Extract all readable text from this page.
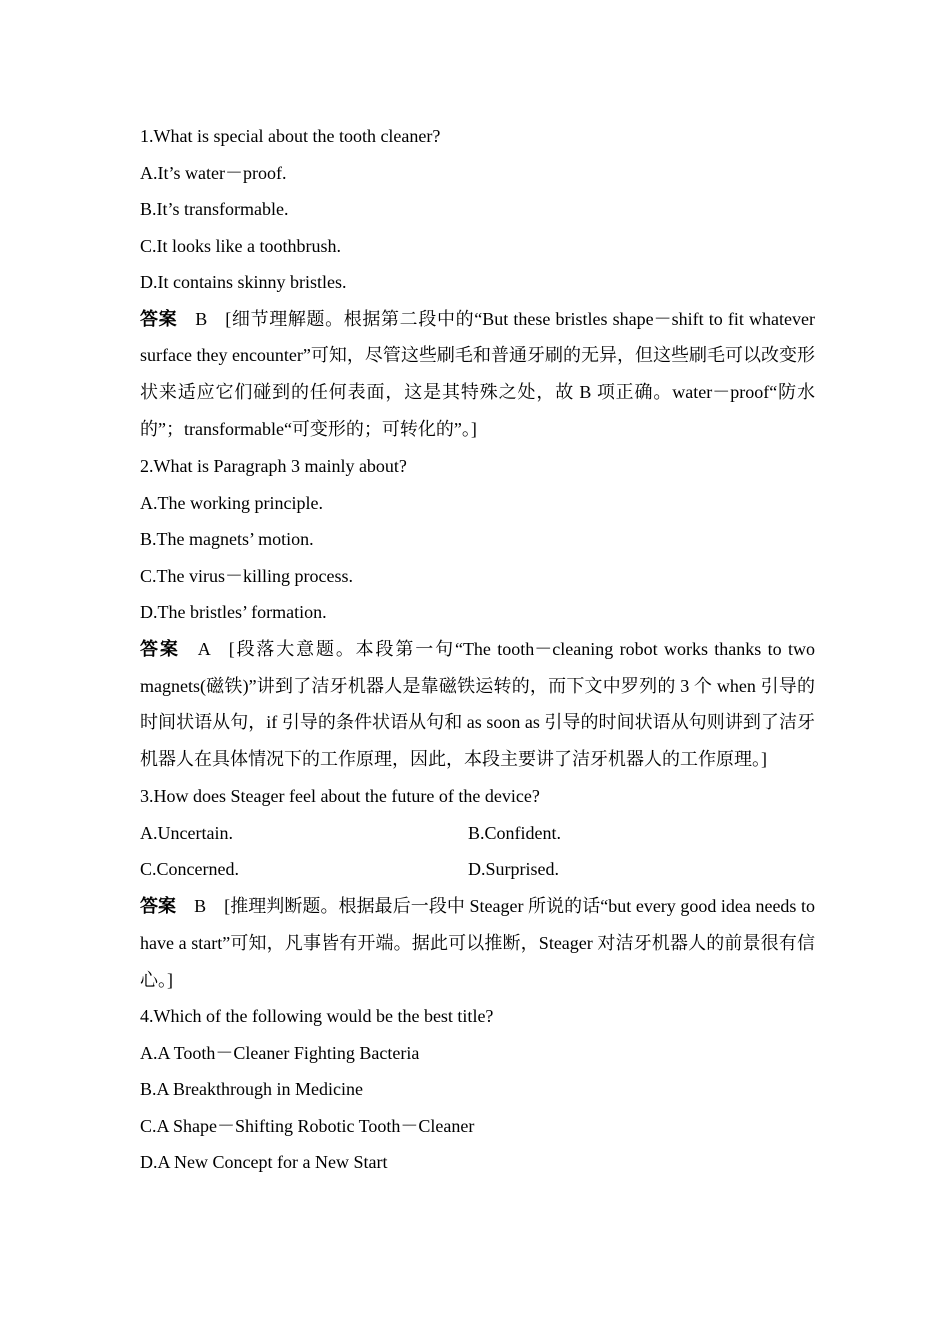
1.What is special about the tooth cleaner?
A.It’s water－proof.
B.It’s transformable.
C.It looks like a toothbrush.
D.It contains skinny bristles.
答案 B [细节理解题。根据第二段中的“But these bristles shape－shift to fit whatever surface they encounter”可知，尽管这些刷毛和普通牙刷的无异，但这些刷毛可以改变形状来适应它们碰到的任何表面，这是其特殊之处，故 B 项正确。water－proof“防水的”；transformable“可变形的；可转化的”。]
2.What is Paragraph 3 mainly about?
A.The working principle.
B.The magnets’ motion.
C.The virus－killing process.
D.The bristles’ formation.
答案 A [段落大意题。本段第一句“The tooth－cleaning robot works thanks to two magnets(磁铁)”讲到了洁牙机器人是靠磁铁运转的，而下文中罗列的 3 个 when 引导的时间状语从句，if 引导的条件状语从句和 as soon as 引导的时间状语从句则讲到了洁牙机器人在具体情况下的工作原理，因此，本段主要讲了洁牙机器人的工作原理。]
3.How does Steager feel about the future of the device?
A.Uncertain.	B.Confident.
C.Concerned.	D.Surprised.
答案 B [推理判断题。根据最后一段中 Steager 所说的话“but every good idea needs to have a start”可知，凡事皆有开端。据此可以推断，Steager 对洁牙机器人的前景很有信心。]
4.Which of the following would be the best title?
A.A Tooth－Cleaner Fighting Bacteria
B.A Breakthrough in Medicine
C.A Shape－Shifting Robotic Tooth－Cleaner
D.A New Concept for a New Start
